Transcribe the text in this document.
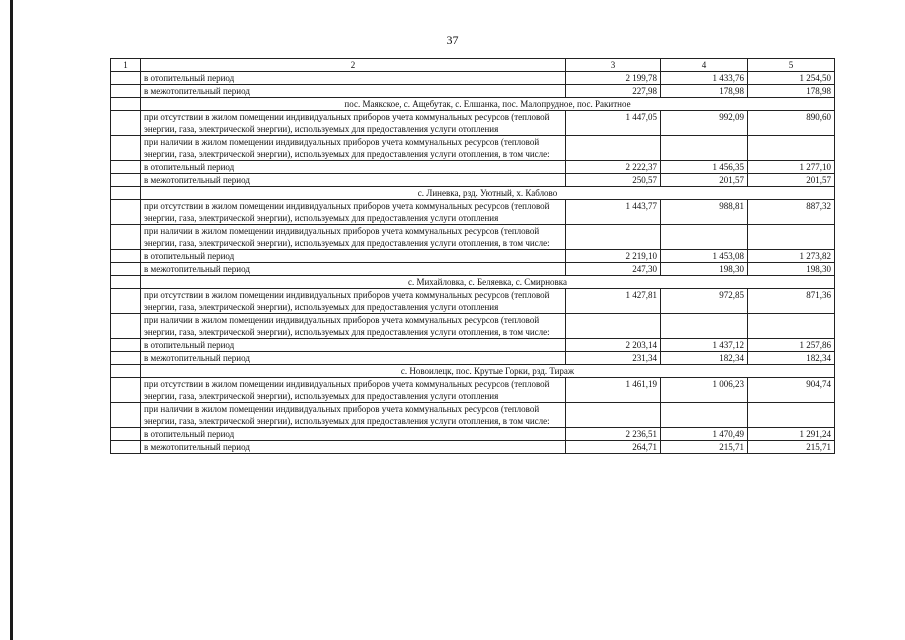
37
1	2	3	4	5
	в отопительный период	2 199,78	1 433,76	1 254,50
	в межотопительный период	227,98	178,98	178,98
	пос. Маякское, с. Ащебутак, с. Елшанка, пос. Малопрудное, пос. Ракитное			
	при отсутствии в жилом помещении индивидуальных приборов учета коммунальных ресурсов (тепловой энергии, газа, электрической энергии), используемых для предоставления услуги отопления	1 447,05	992,09	890,60
	при наличии в жилом помещении индивидуальных приборов учета коммунальных ресурсов (тепловой энергии, газа, электрической энергии), используемых для предоставления услуги отопления, в том числе:			
	в отопительный период	2 222,37	1 456,35	1 277,10
	в межотопительный период	250,57	201,57	201,57
	с. Линевка, рзд. Уютный, х. Каблово			
	при отсутствии в жилом помещении индивидуальных приборов учета коммунальных ресурсов (тепловой энергии, газа, электрической энергии), используемых для предоставления услуги отопления	1 443,77	988,81	887,32
	при наличии в жилом помещении индивидуальных приборов учета коммунальных ресурсов (тепловой энергии, газа, электрической энергии), используемых для предоставления услуги отопления, в том числе:			
	в отопительный период	2 219,10	1 453,08	1 273,82
	в межотопительный период	247,30	198,30	198,30
	с. Михайловка, с. Беляевка, с. Смирновка			
	при отсутствии в жилом помещении индивидуальных приборов учета коммунальных ресурсов (тепловой энергии, газа, электрической энергии), используемых для предоставления услуги отопления	1 427,81	972,85	871,36
	при наличии в жилом помещении индивидуальных приборов учета коммунальных ресурсов (тепловой энергии, газа, электрической энергии), используемых для предоставления услуги отопления, в том числе:			
	в отопительный период	2 203,14	1 437,12	1 257,86
	в межотопительный период	231,34	182,34	182,34
	с. Новоилецк, пос. Крутые Горки, рзд. Тираж			
	при отсутствии в жилом помещении индивидуальных приборов учета коммунальных ресурсов (тепловой энергии, газа, электрической энергии), используемых для предоставления услуги отопления	1 461,19	1 006,23	904,74
	при наличии в жилом помещении индивидуальных приборов учета коммунальных ресурсов (тепловой энергии, газа, электрической энергии), используемых для предоставления услуги отопления, в том числе:			
	в отопительный период	2 236,51	1 470,49	1 291,24
	в межотопительный период	264,71	215,71	215,71
